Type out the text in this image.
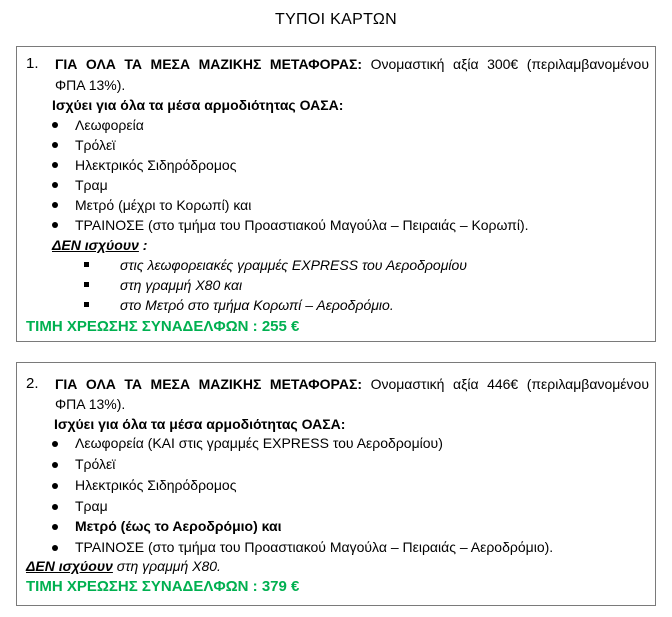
ΤΥΠΟΙ ΚΑΡΤΩΝ
1. ΓΙΑ ΟΛΑ ΤΑ ΜΕΣΑ ΜΑΖΙΚΗΣ ΜΕΤΑΦΟΡΑΣ: Ονομαστική αξία 300€ (περιλαμβανομένου
ΦΠΑ 13%).
Ισχύει για όλα τα μέσα αρμοδιότητας ΟΑΣΑ:
Λεωφορεία
Τρόλεϊ
Ηλεκτρικός Σιδηρόδρομος
Τραμ
Μετρό (μέχρι το Κορωπί) και
ΤΡΑΙΝΟΣΕ (στο τμήμα του Προαστιακού Μαγούλα – Πειραιάς – Κορωπί).
ΔΕΝ ισχύουν :
στις λεωφορειακές γραμμές EXPRESS του Αεροδρομίου
στη γραμμή Χ80 και
στο Μετρό στο τμήμα Κορωπί – Αεροδρόμιο.
ΤΙΜΗ ΧΡΕΩΣΗΣ ΣΥΝΑΔΕΛΦΩΝ : 255 €
2. ΓΙΑ ΟΛΑ ΤΑ ΜΕΣΑ ΜΑΖΙΚΗΣ ΜΕΤΑΦΟΡΑΣ: Ονομαστική αξία 446€ (περιλαμβανομένου
ΦΠΑ 13%).
Ισχύει για όλα τα μέσα αρμοδιότητας ΟΑΣΑ:
Λεωφορεία (ΚΑΙ στις γραμμές EXPRESS του Αεροδρομίου)
Τρόλεϊ
Ηλεκτρικός Σιδηρόδρομος
Τραμ
Μετρό (έως το Αεροδρόμιο) και
ΤΡΑΙΝΟΣΕ (στο τμήμα του Προαστιακού Μαγούλα – Πειραιάς – Αεροδρόμιο).
ΔΕΝ ισχύουν στη γραμμή Χ80.
ΤΙΜΗ ΧΡΕΩΣΗΣ ΣΥΝΑΔΕΛΦΩΝ : 379 €
